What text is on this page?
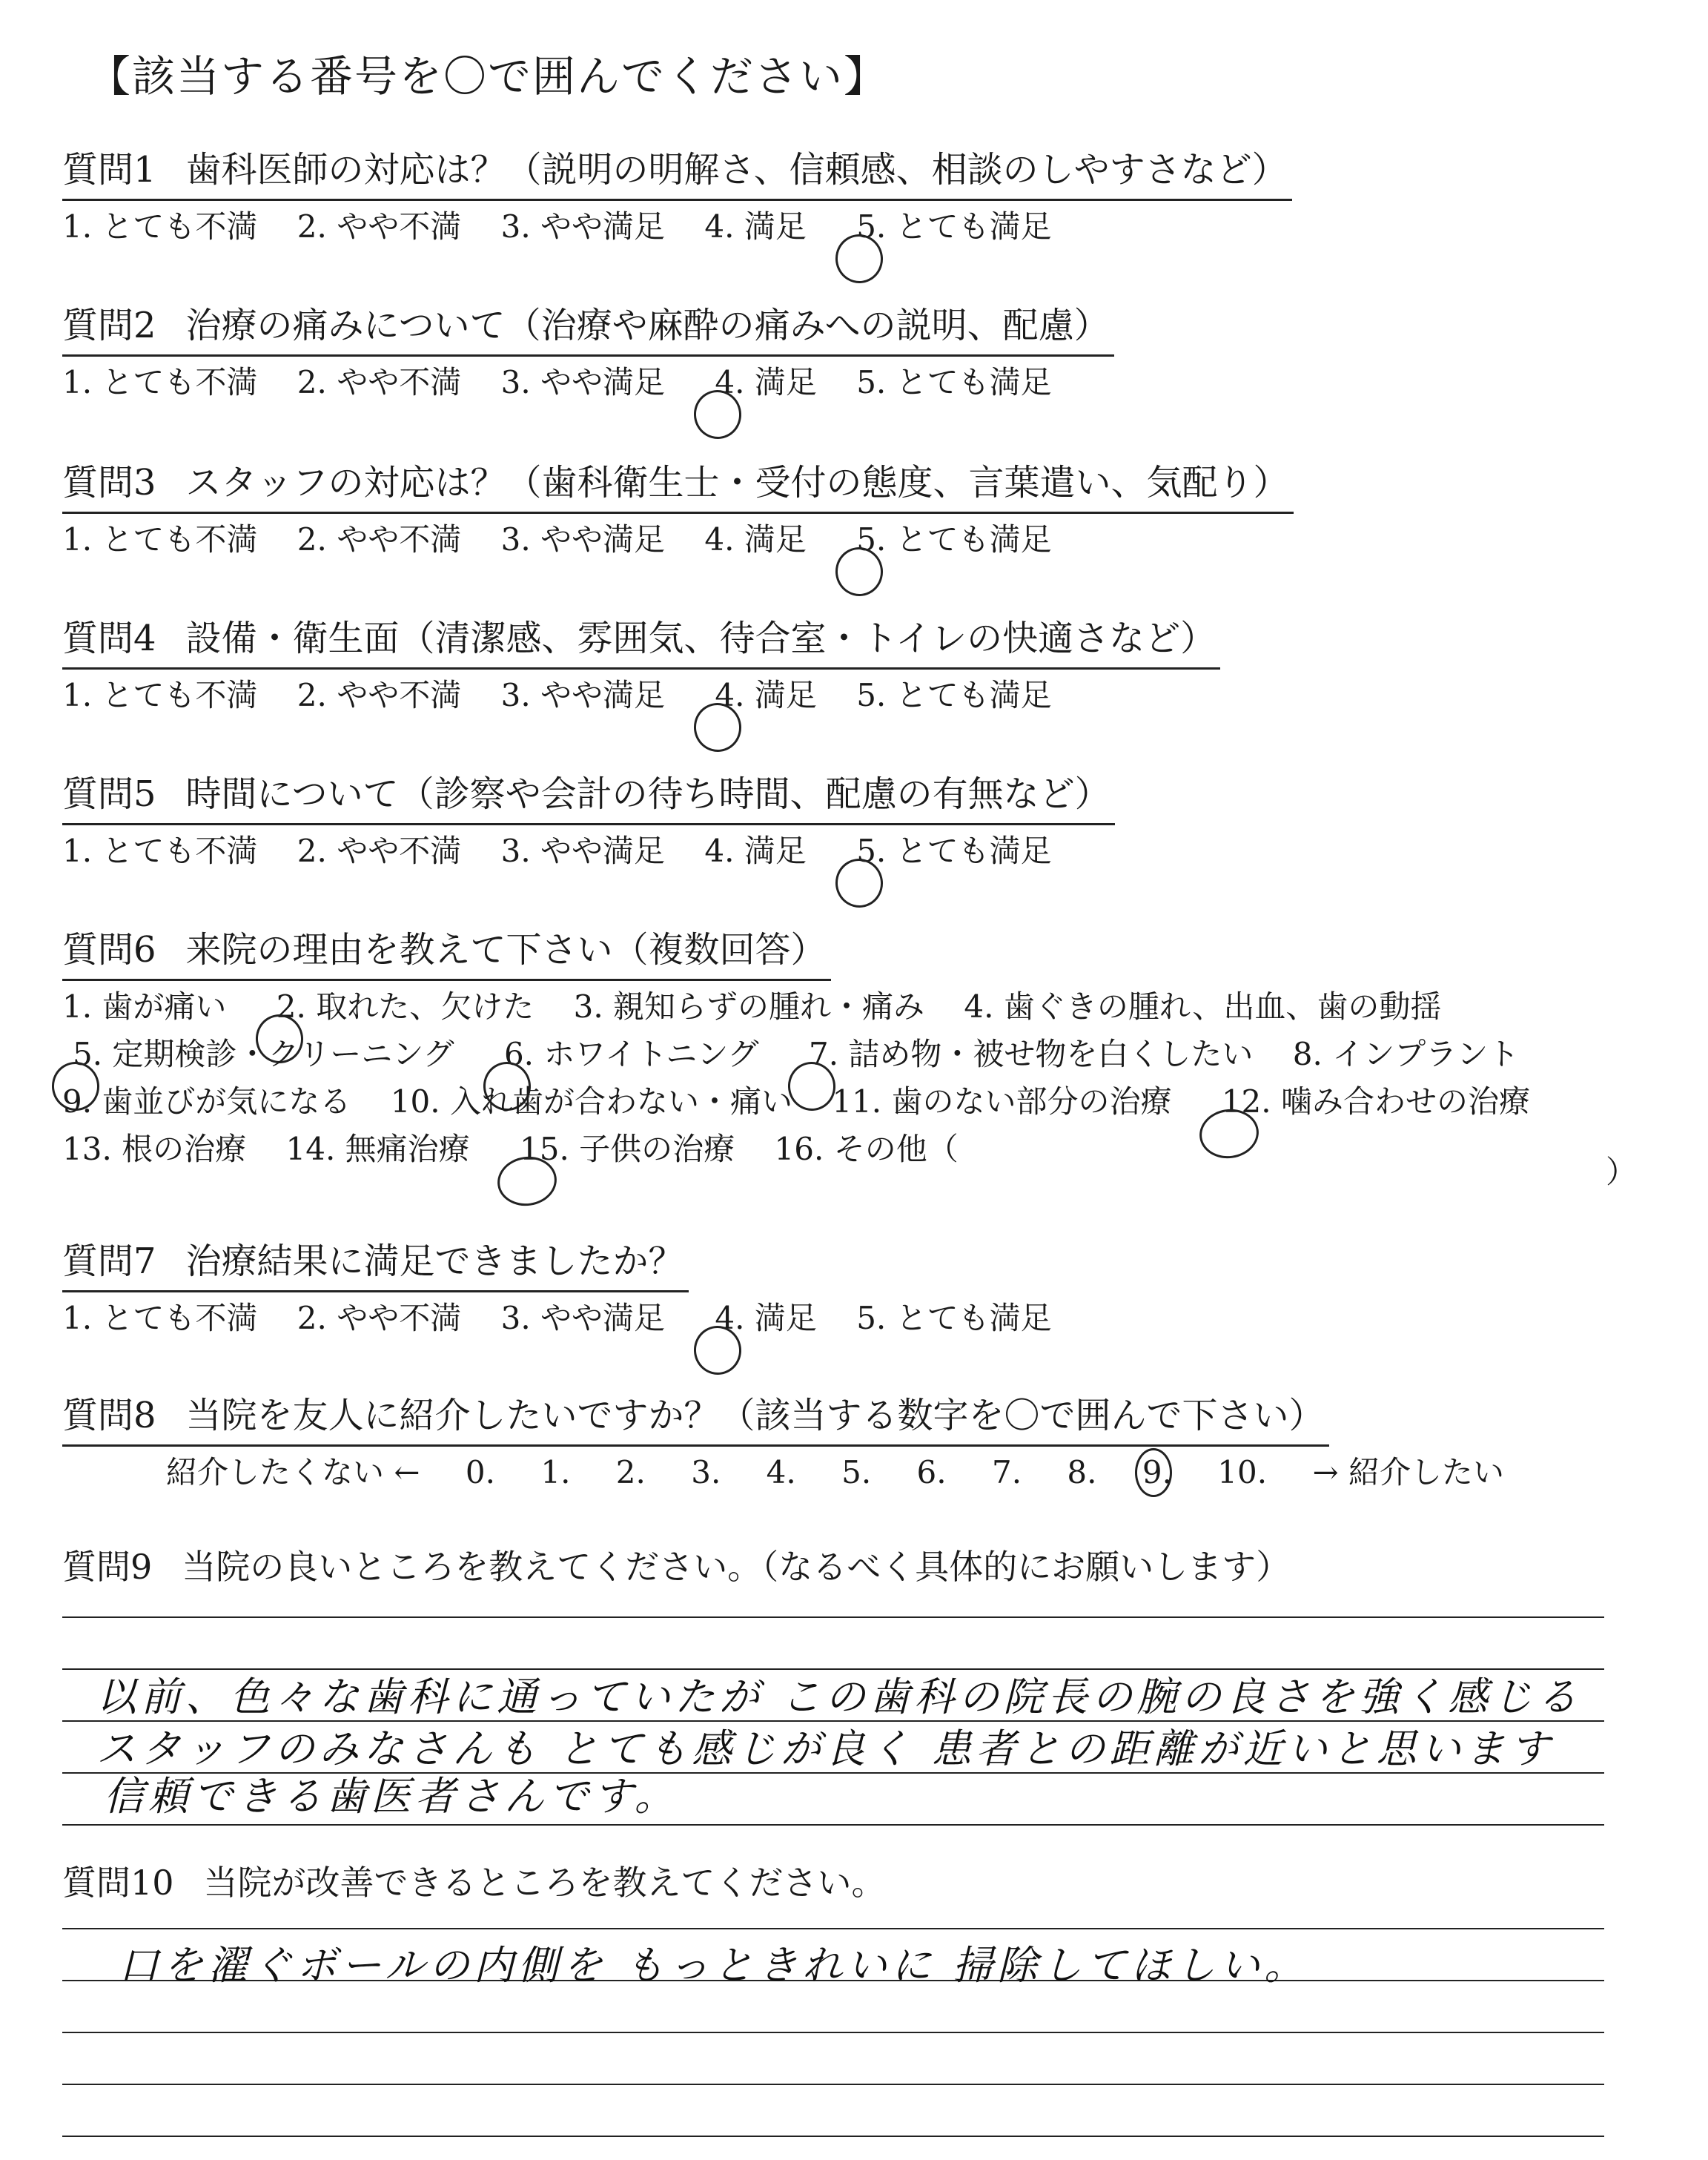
【該当する番号を〇で囲んでください】
質問1 歯科医師の対応は？（説明の明解さ、信頼感、相談のしやすさなど）
1. とても不満 2. やや不満 3. やや満足 4. 満足 5. とても満足
質問2 治療の痛みについて（治療や麻酔の痛みへの説明、配慮）
1. とても不満 2. やや不満 3. やや満足 4. 満足 5. とても満足
質問3 スタッフの対応は？（歯科衛生士・受付の態度、言葉遣い、気配り）
1. とても不満 2. やや不満 3. やや満足 4. 満足 5. とても満足
質問4 設備・衛生面（清潔感、雰囲気、待合室・トイレの快適さなど）
1. とても不満 2. やや不満 3. やや満足 4. 満足 5. とても満足
質問5 時間について（診察や会計の待ち時間、配慮の有無など）
1. とても不満 2. やや不満 3. やや満足 4. 満足 5. とても満足
質問6 来院の理由を教えて下さい（複数回答）
1. 歯が痛い 2. 取れた、欠けた 3. 親知らずの腫れ・痛み 4. 歯ぐきの腫れ、出血、歯の動揺
5. 定期検診・クリーニング 6. ホワイトニング 7. 詰め物・被せ物を白くしたい 8. インプラント
9. 歯並びが気になる 10. 入れ歯が合わない・痛い 11. 歯のない部分の治療 12. 噛み合わせの治療
13. 根の治療 14. 無痛治療 15. 子供の治療 16. その他（
）
質問7 治療結果に満足できましたか？
1. とても不満 2. やや不満 3. やや満足 4. 満足 5. とても満足
質問8 当院を友人に紹介したいですか？（該当する数字を〇で囲んで下さい）
紹介したくない ← 0. 1. 2. 3. 4. 5. 6. 7. 8. 9. 10. → 紹介したい
質問9 当院の良いところを教えてください。（なるべく具体的にお願いします）
以前、色々な歯科に通っていたが この歯科の院長の腕の良さを強く感じる
スタッフのみなさんも とても感じが良く 患者との距離が近いと思います
信頼できる歯医者さんです。
質問10 当院が改善できるところを教えてください。
口を濯ぐボールの内側を もっときれいに 掃除してほしい。
